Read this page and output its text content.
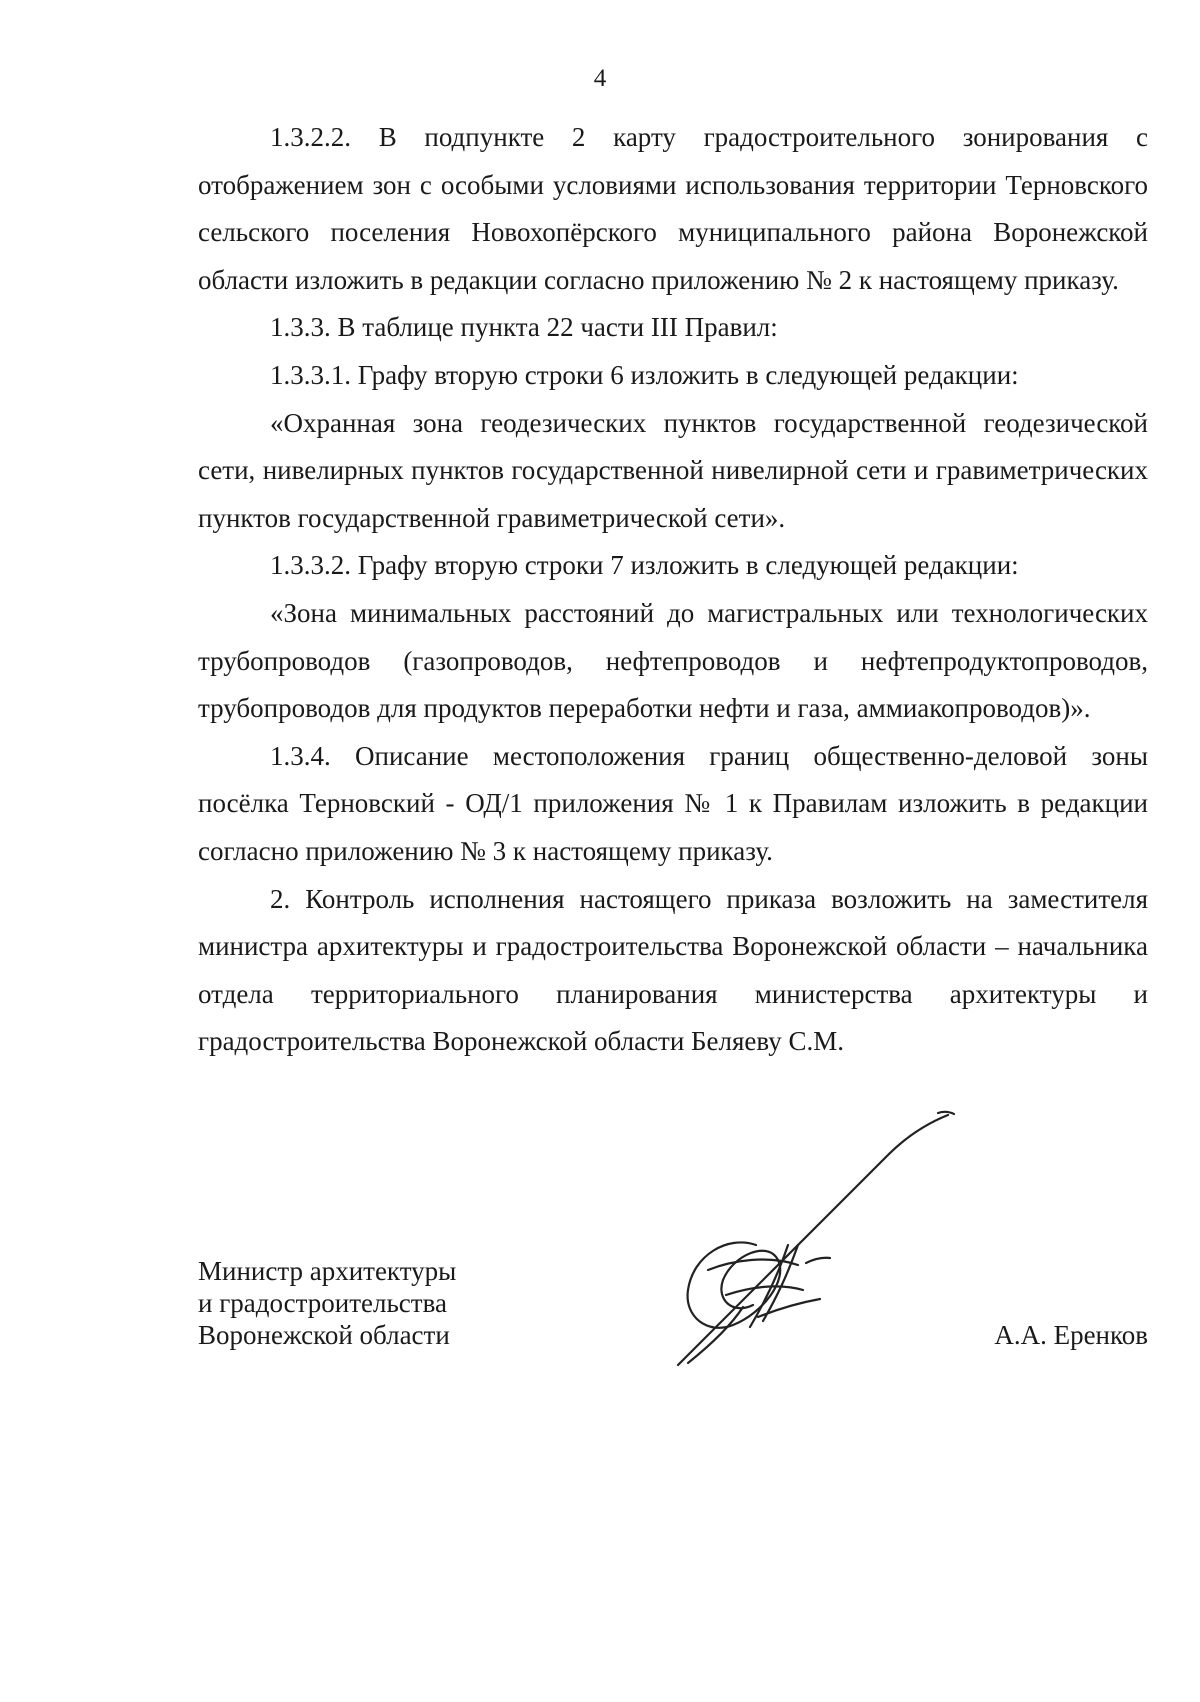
4

1.3.2.2. В подпункте 2 карту градостроительного зонирования с отображением зон с особыми условиями использования территории Терновского сельского поселения Новохопёрского муниципального района Воронежской области изложить в редакции согласно приложению № 2 к настоящему приказу.

1.3.3. В таблице пункта 22 части III Правил:

1.3.3.1. Графу вторую строки 6 изложить в следующей редакции:

«Охранная зона геодезических пунктов государственной геодезической сети, нивелирных пунктов государственной нивелирной сети и гравиметрических пунктов государственной гравиметрической сети».

1.3.3.2. Графу вторую строки 7 изложить в следующей редакции:

«Зона минимальных расстояний до магистральных или технологических трубопроводов (газопроводов, нефтепроводов и нефтепродуктопроводов, трубопроводов для продуктов переработки нефти и газа, аммиакопроводов)».

1.3.4. Описание местоположения границ общественно-деловой зоны посёлка Терновский - ОД/1 приложения № 1 к Правилам изложить в редакции согласно приложению № 3 к настоящему приказу.

2. Контроль исполнения настоящего приказа возложить на заместителя министра архитектуры и градостроительства Воронежской области – начальника отдела территориального планирования министерства архитектуры и градостроительства Воронежской области Беляеву С.М.

Министр архитектуры
и градостроительства
Воронежской области	А.А. Еренков
